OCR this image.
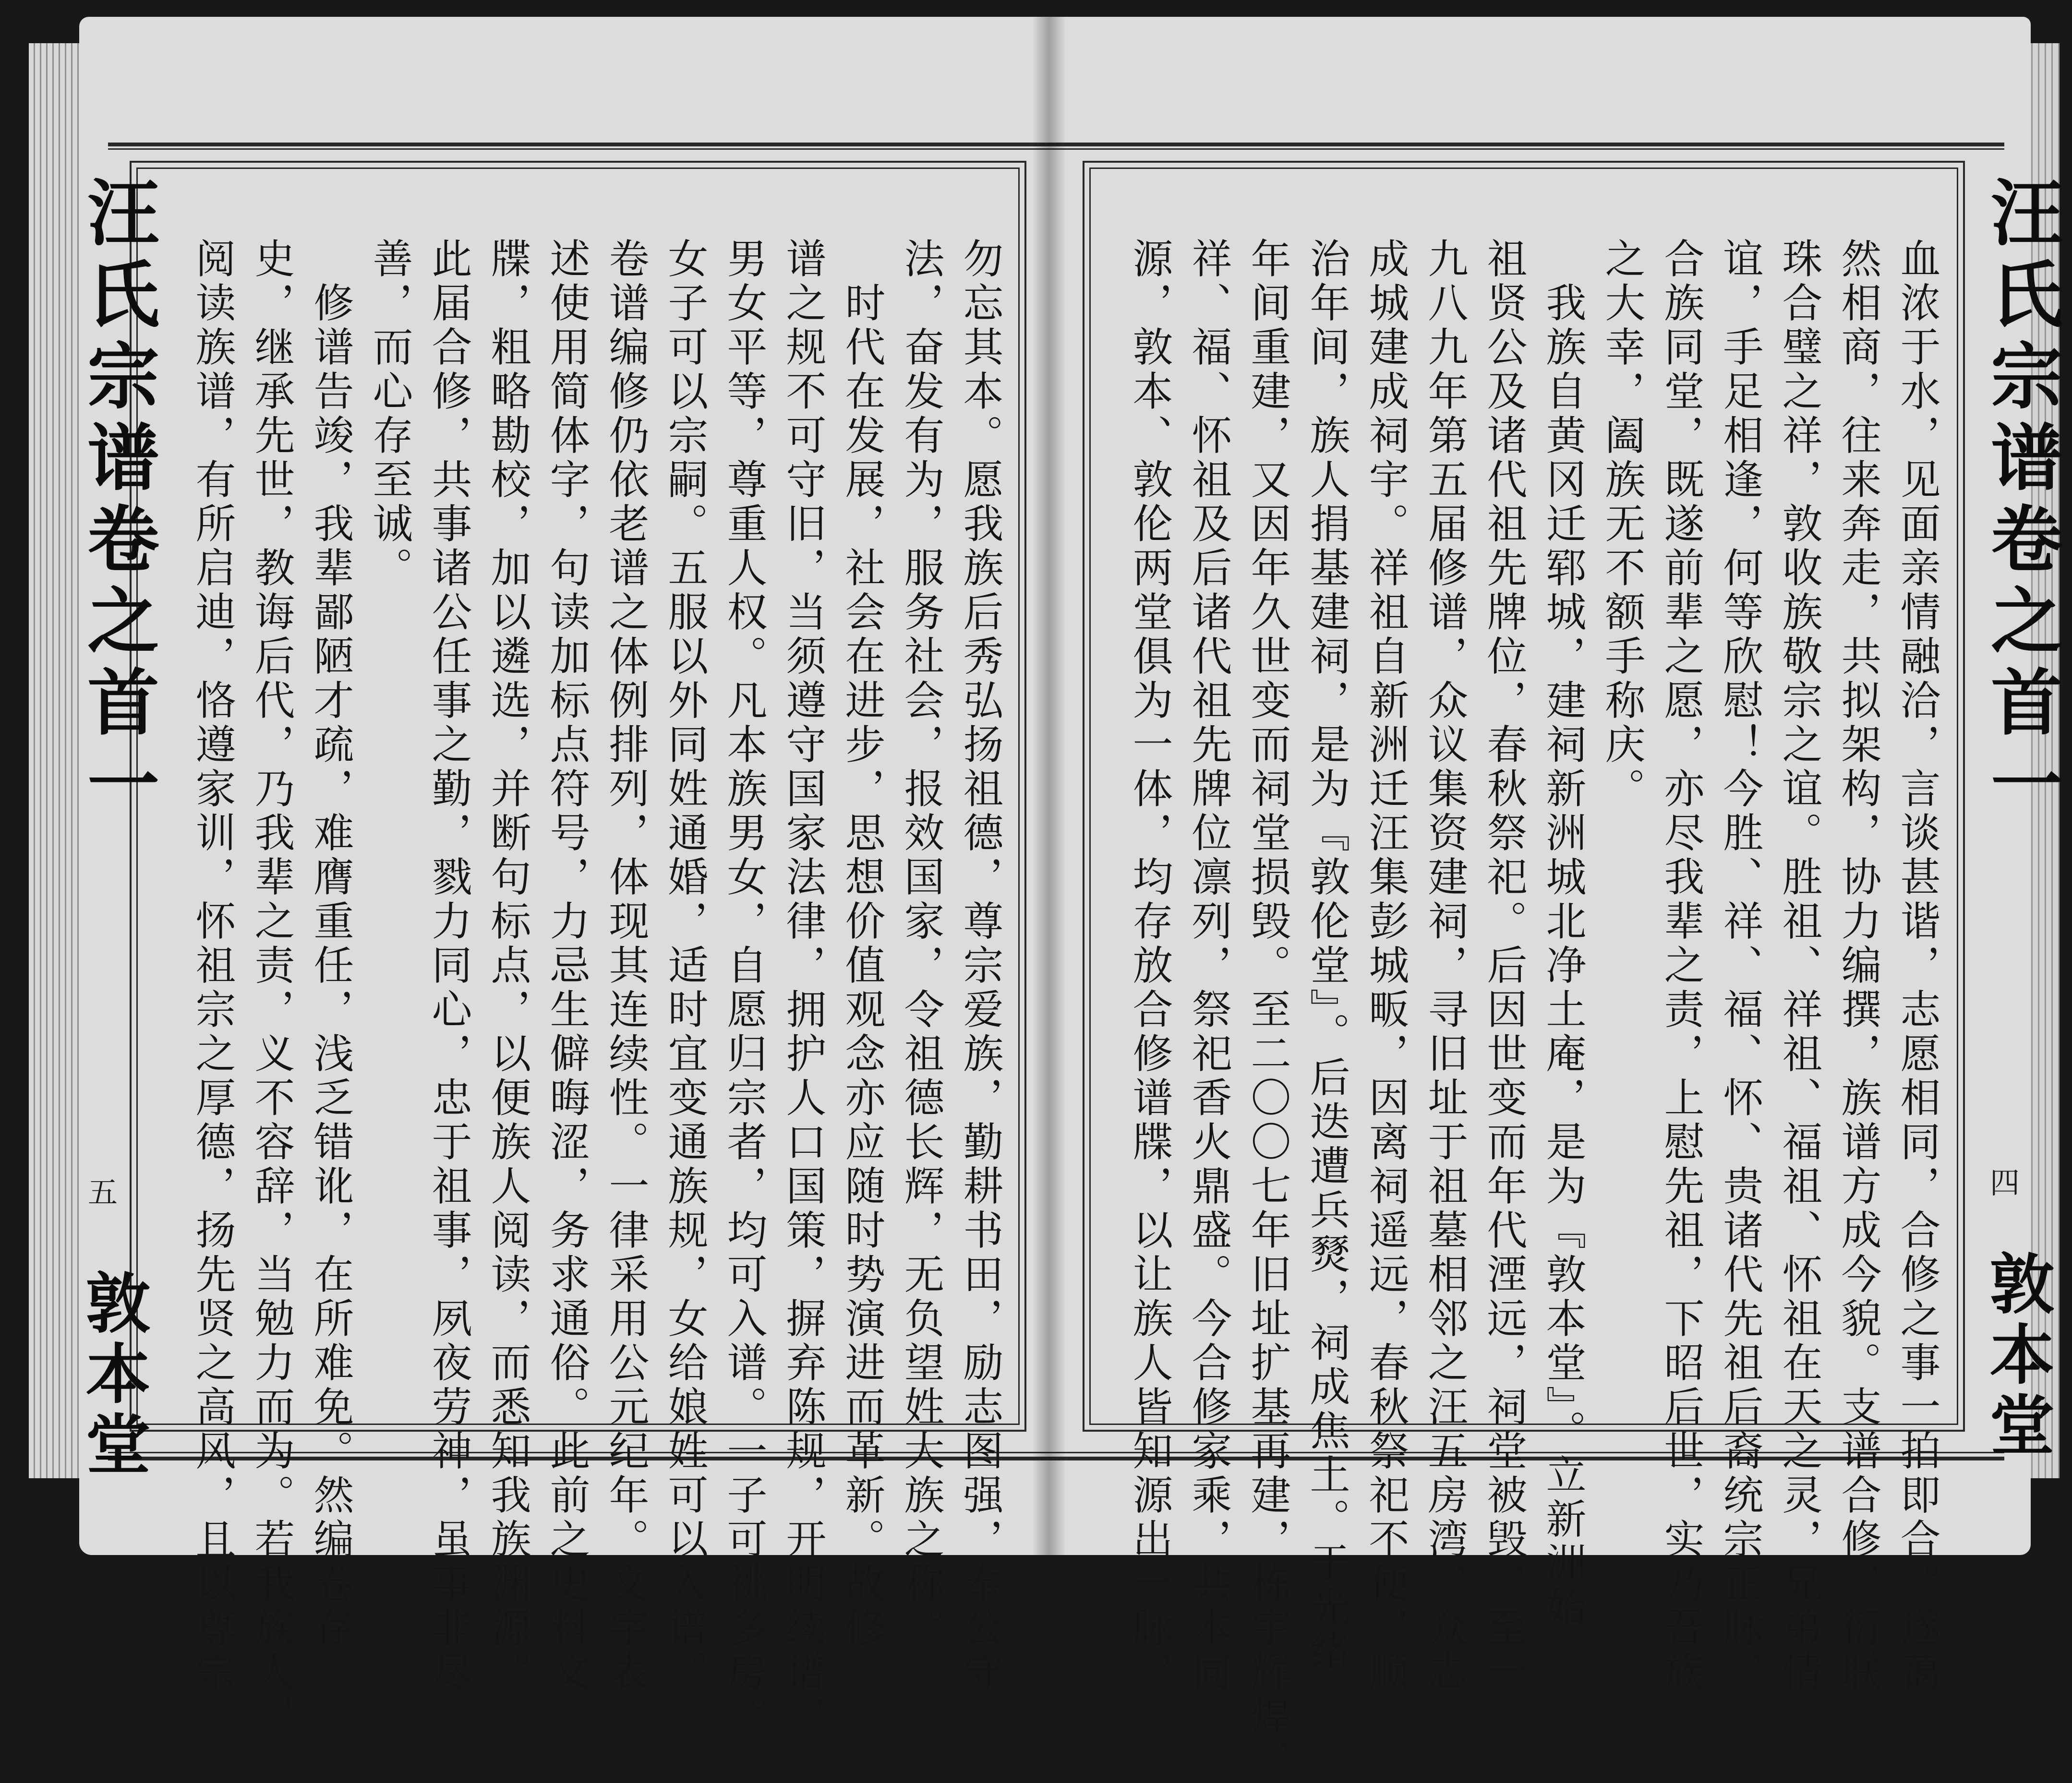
汪氏宗谱卷之首一
五
敦本堂	勿忘其本。愿我族后秀弘扬祖德，尊宗爱族，勤耕书田，励志图强，奉公守
法，奋发有为，服务社会，报效国家，令祖德长辉，无负望姓大族之称。
　时代在发展，社会在进步，思想价值观念亦应随时势演进而革新。故修
谱之规不可守旧，当须遵守国家法律，拥护人口国策，摒弃陈规，开明续谱，
男女平等，尊重人权。凡本族男女，自愿归宗者，均可入谱。一子可祧多房。
女子可以宗嗣。五服以外同姓通婚，适时宜变通族规，女给娘姓可以入谱。
卷谱编修仍依老谱之体例排列，体现其连续性。一律采用公元纪年。文字表
述使用简体字，句读加标点符号，力忌生僻晦涩，务求通俗。此前之史料文
牒，粗略勘校，加以遴选，并断句标点，以便族人阅读，而悉知我族渊源。
此届合修，共事诸公任事之勤，戮力同心，忠于祖事，夙夜劳神，虽事非尽
善，而心存至诚。
　修谱告竣，我辈鄙陋才疏，难膺重任，浅乏错讹，在所难免。然编卷存
史，继承先世，教诲后代，乃我辈之责，义不容辞，当勉力而为。若我族人，
阅读族谱，有所启迪，恪遵家训，怀祖宗之厚德，扬先贤之高风，且以尊宗	汪氏宗谱卷之首一
四
敦本堂
血浓于水，见面亲情融洽，言谈甚谐，志愿相同，合修之事一拍即合。遂蔼
然相商，往来奔走，共拟架构，协力编撰，族谱方成今貌。支谱合修，衍联
珠合璧之祥，敦收族敬宗之谊。胜祖、祥祖、福祖、怀祖在天之灵，兄弟情
谊，手足相逢，何等欣慰！今胜、祥、福、怀、贵诸代先祖后裔统宗正脉，
合族同堂，既遂前辈之愿，亦尽我辈之责，上慰先祖，下昭后世，实乃吾族
之大幸，阖族无不额手称庆。
　我族自黄冈迁郓城，建祠新洲城北净土庵，是为『敦本堂』。立新洲始
祖贤公及诸代祖先牌位，春秋祭祀。后因世变而年代湮远，祠堂被毁，至一
九八九年第五届修谱，众议集资建祠，寻旧址于祖墓相邻之汪五房湾，众志
成城建成祠宇。祥祖自新洲迁汪集彭城畈，因离祠遥远，春秋祭祀不便，顺
治年间，族人捐基建祠，是为『敦伦堂』。后迭遭兵燹，祠成焦土。于光绪
年间重建，又因年久世变而祠堂损毁。至二〇〇七年旧址扩基再建，栋宇辉煌，
祥、福、怀祖及后诸代祖先牌位凛列，祭祀香火鼎盛。今合修家乘，共本同
源，敦本、敦伦两堂俱为一体，均存放合修谱牒，以让族人皆知源出一脉，
